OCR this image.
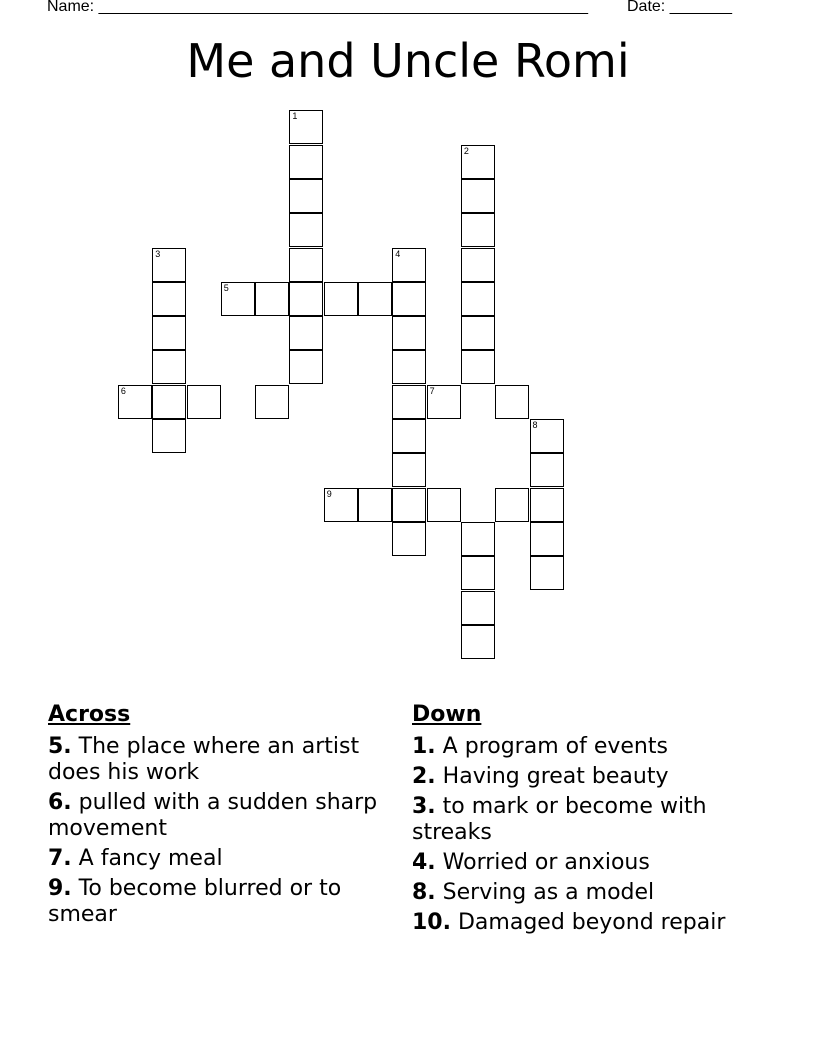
Name: _______________________________________________________ Date: _______
Me and Uncle Romi
1
2
3	4
5
6	7
8
9
Across
5. The place where an artist does his work
6. pulled with a sudden sharp movement
7. A fancy meal
9. To become blurred or to smear
Down
1. A program of events
2. Having great beauty
3. to mark or become with streaks
4. Worried or anxious
8. Serving as a model
10. Damaged beyond repair
